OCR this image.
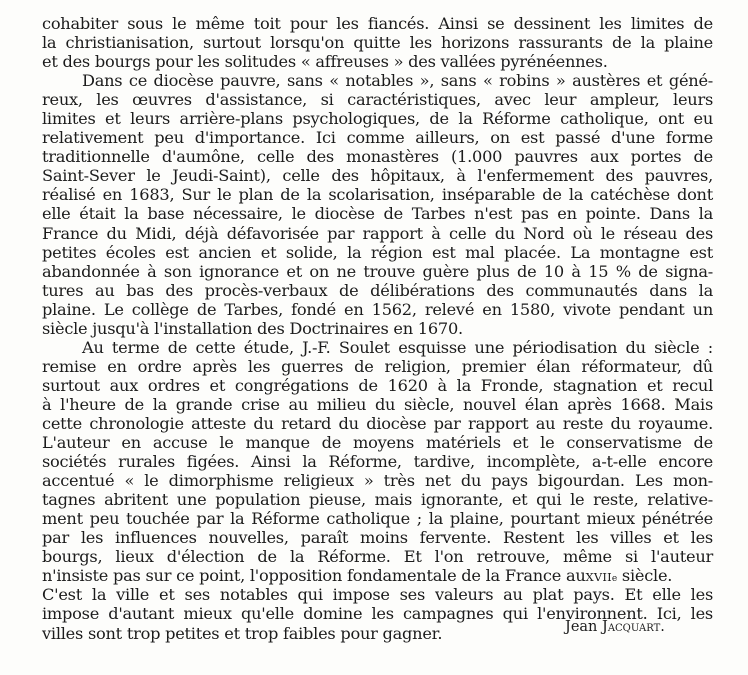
cohabiter sous le même toit pour les fiancés. Ainsi se dessinent les limites de
la christianisation, surtout lorsqu'on quitte les horizons rassurants de la plaine
et des bourgs pour les solitudes « affreuses » des vallées pyrénéennes.
Dans ce diocèse pauvre, sans « notables », sans « robins » austères et géné-
reux, les œuvres d'assistance, si caractéristiques, avec leur ampleur, leurs
limites et leurs arrière-plans psychologiques, de la Réforme catholique, ont eu
relativement peu d'importance. Ici comme ailleurs, on est passé d'une forme
traditionnelle d'aumône, celle des monastères (1.000 pauvres aux portes de
Saint-Sever le Jeudi-Saint), celle des hôpitaux, à l'enfermement des pauvres,
réalisé en 1683, Sur le plan de la scolarisation, inséparable de la catéchèse dont
elle était la base nécessaire, le diocèse de Tarbes n'est pas en pointe. Dans la
France du Midi, déjà défavorisée par rapport à celle du Nord où le réseau des
petites écoles est ancien et solide, la région est mal placée. La montagne est
abandonnée à son ignorance et on ne trouve guère plus de 10 à 15 % de signa-
tures au bas des procès-verbaux de délibérations des communautés dans la
plaine. Le collège de Tarbes, fondé en 1562, relevé en 1580, vivote pendant un
siècle jusqu'à l'installation des Doctrinaires en 1670.
Au terme de cette étude, J.-F. Soulet esquisse une périodisation du siècle :
remise en ordre après les guerres de religion, premier élan réformateur, dû
surtout aux ordres et congrégations de 1620 à la Fronde, stagnation et recul
à l'heure de la grande crise au milieu du siècle, nouvel élan après 1668. Mais
cette chronologie atteste du retard du diocèse par rapport au reste du royaume.
L'auteur en accuse le manque de moyens matériels et le conservatisme de
sociétés rurales figées. Ainsi la Réforme, tardive, incomplète, a-t-elle encore
accentué « le dimorphisme religieux » très net du pays bigourdan. Les mon-
tagnes abritent une population pieuse, mais ignorante, et qui le reste, relative-
ment peu touchée par la Réforme catholique ; la plaine, pourtant mieux pénétrée
par les influences nouvelles, paraît moins fervente. Restent les villes et les
bourgs, lieux d'élection de la Réforme. Et l'on retrouve, même si l'auteur
n'insiste pas sur ce point, l'opposition fondamentale de la France au XVII e siècle.
C'est la ville et ses notables qui impose ses valeurs au plat pays. Et elle les
impose d'autant mieux qu'elle domine les campagnes qui l'environnent. Ici, les
villes sont trop petites et trop faibles pour gagner.	Jean Jacquart.
